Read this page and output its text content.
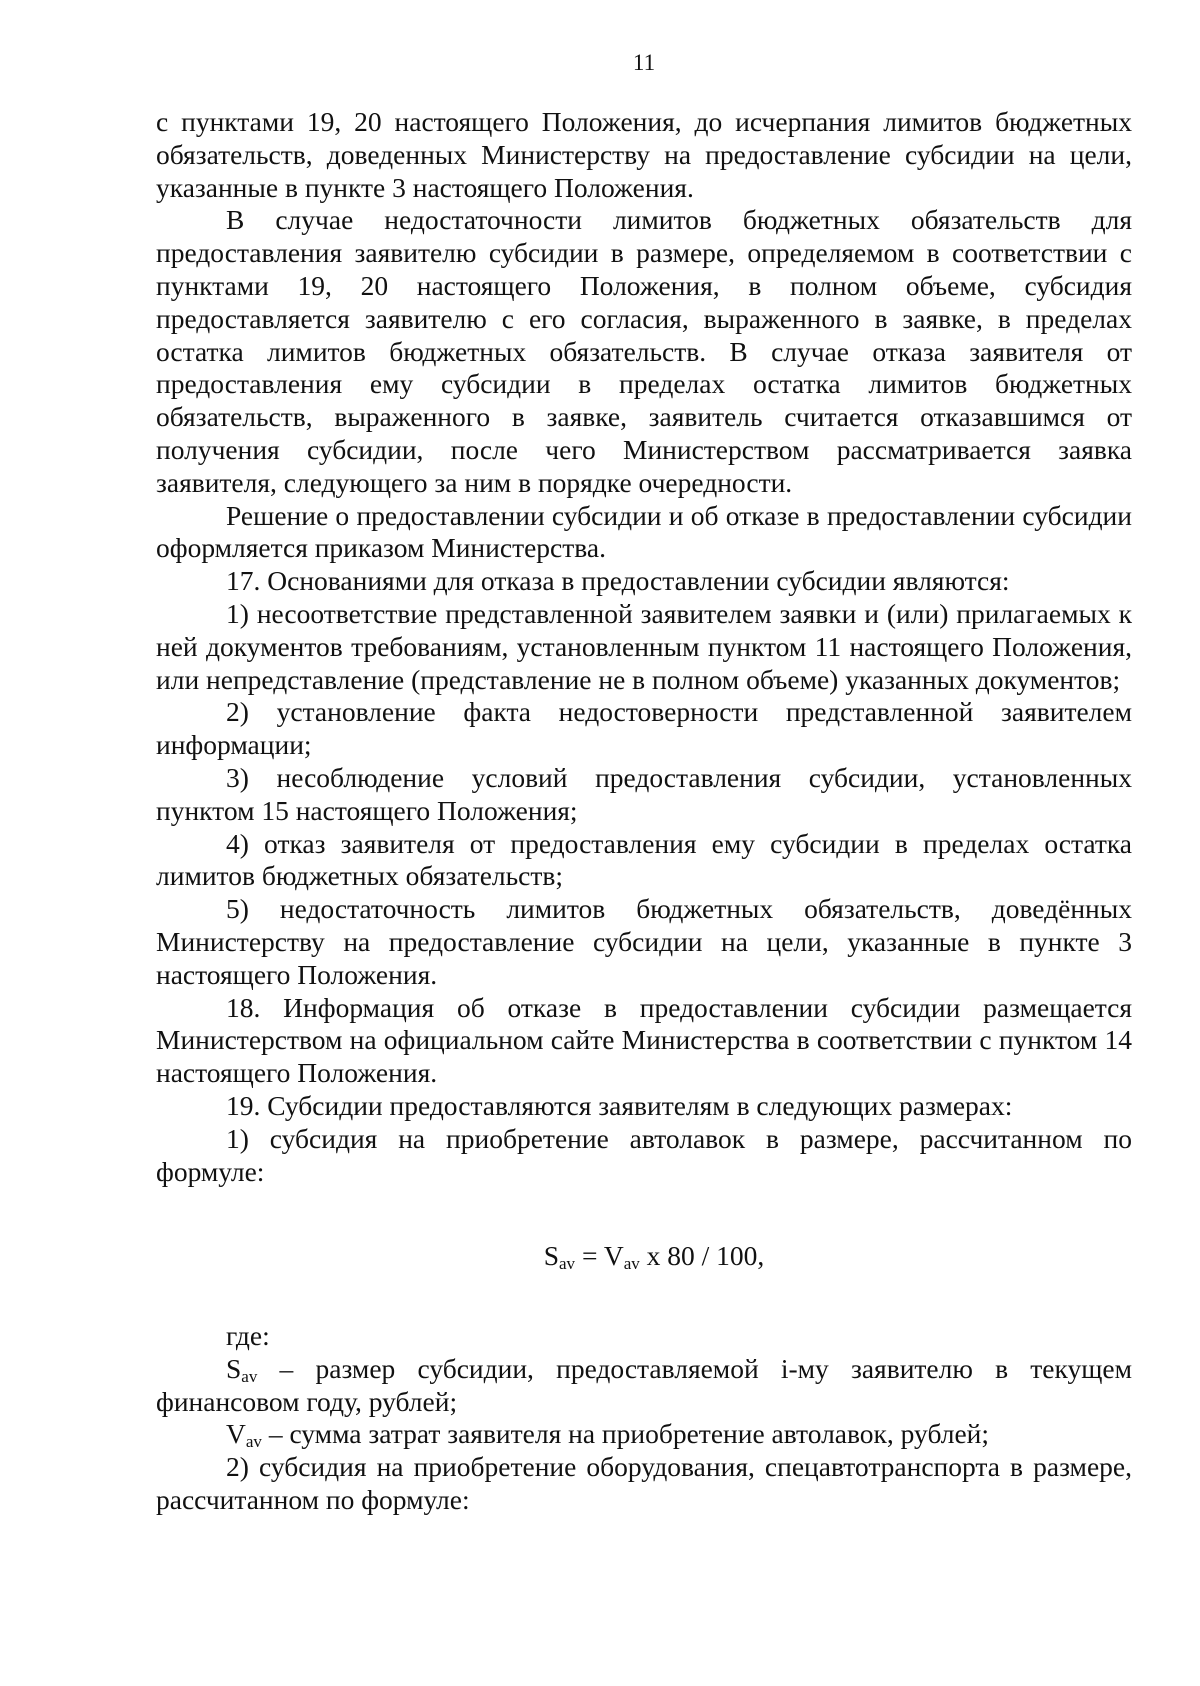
11

с пунктами 19, 20 настоящего Положения, до исчерпания лимитов бюджетных обязательств, доведенных Министерству на предоставление субсидии на цели, указанные в пункте 3 настоящего Положения.

В случае недостаточности лимитов бюджетных обязательств для предоставления заявителю субсидии в размере, определяемом в соответствии с пунктами 19, 20 настоящего Положения, в полном объеме, субсидия предоставляется заявителю с его согласия, выраженного в заявке, в пределах остатка лимитов бюджетных обязательств. В случае отказа заявителя от предоставления ему субсидии в пределах остатка лимитов бюджетных обязательств, выраженного в заявке, заявитель считается отказавшимся от получения субсидии, после чего Министерством рассматривается заявка заявителя, следующего за ним в порядке очередности.

Решение о предоставлении субсидии и об отказе в предоставлении субсидии оформляется приказом Министерства.

17. Основаниями для отказа в предоставлении субсидии являются:

1) несоответствие представленной заявителем заявки и (или) прилагаемых к ней документов требованиям, установленным пунктом 11 настоящего Положения, или непредставление (представление не в полном объеме) указанных документов;

2) установление факта недостоверности представленной заявителем информации;

3) несоблюдение условий предоставления субсидии, установленных пунктом 15 настоящего Положения;

4) отказ заявителя от предоставления ему субсидии в пределах остатка лимитов бюджетных обязательств;

5) недостаточность лимитов бюджетных обязательств, доведённых Министерству на предоставление субсидии на цели, указанные в пункте 3 настоящего Положения.

18. Информация об отказе в предоставлении субсидии размещается Министерством на официальном сайте Министерства в соответствии с пунктом 14 настоящего Положения.

19. Субсидии предоставляются заявителям в следующих размерах:

1) субсидия на приобретение автолавок в размере, рассчитанном по формуле:

$S_{av} = V_{av}$ х 80 / 100,

где:

$S_{av}$ – размер субсидии, предоставляемой i-му заявителю в текущем финансовом году, рублей;

$V_{av}$ – сумма затрат заявителя на приобретение автолавок, рублей;

2) субсидия на приобретение оборудования, спецавтотранспорта в размере, рассчитанном по формуле:
